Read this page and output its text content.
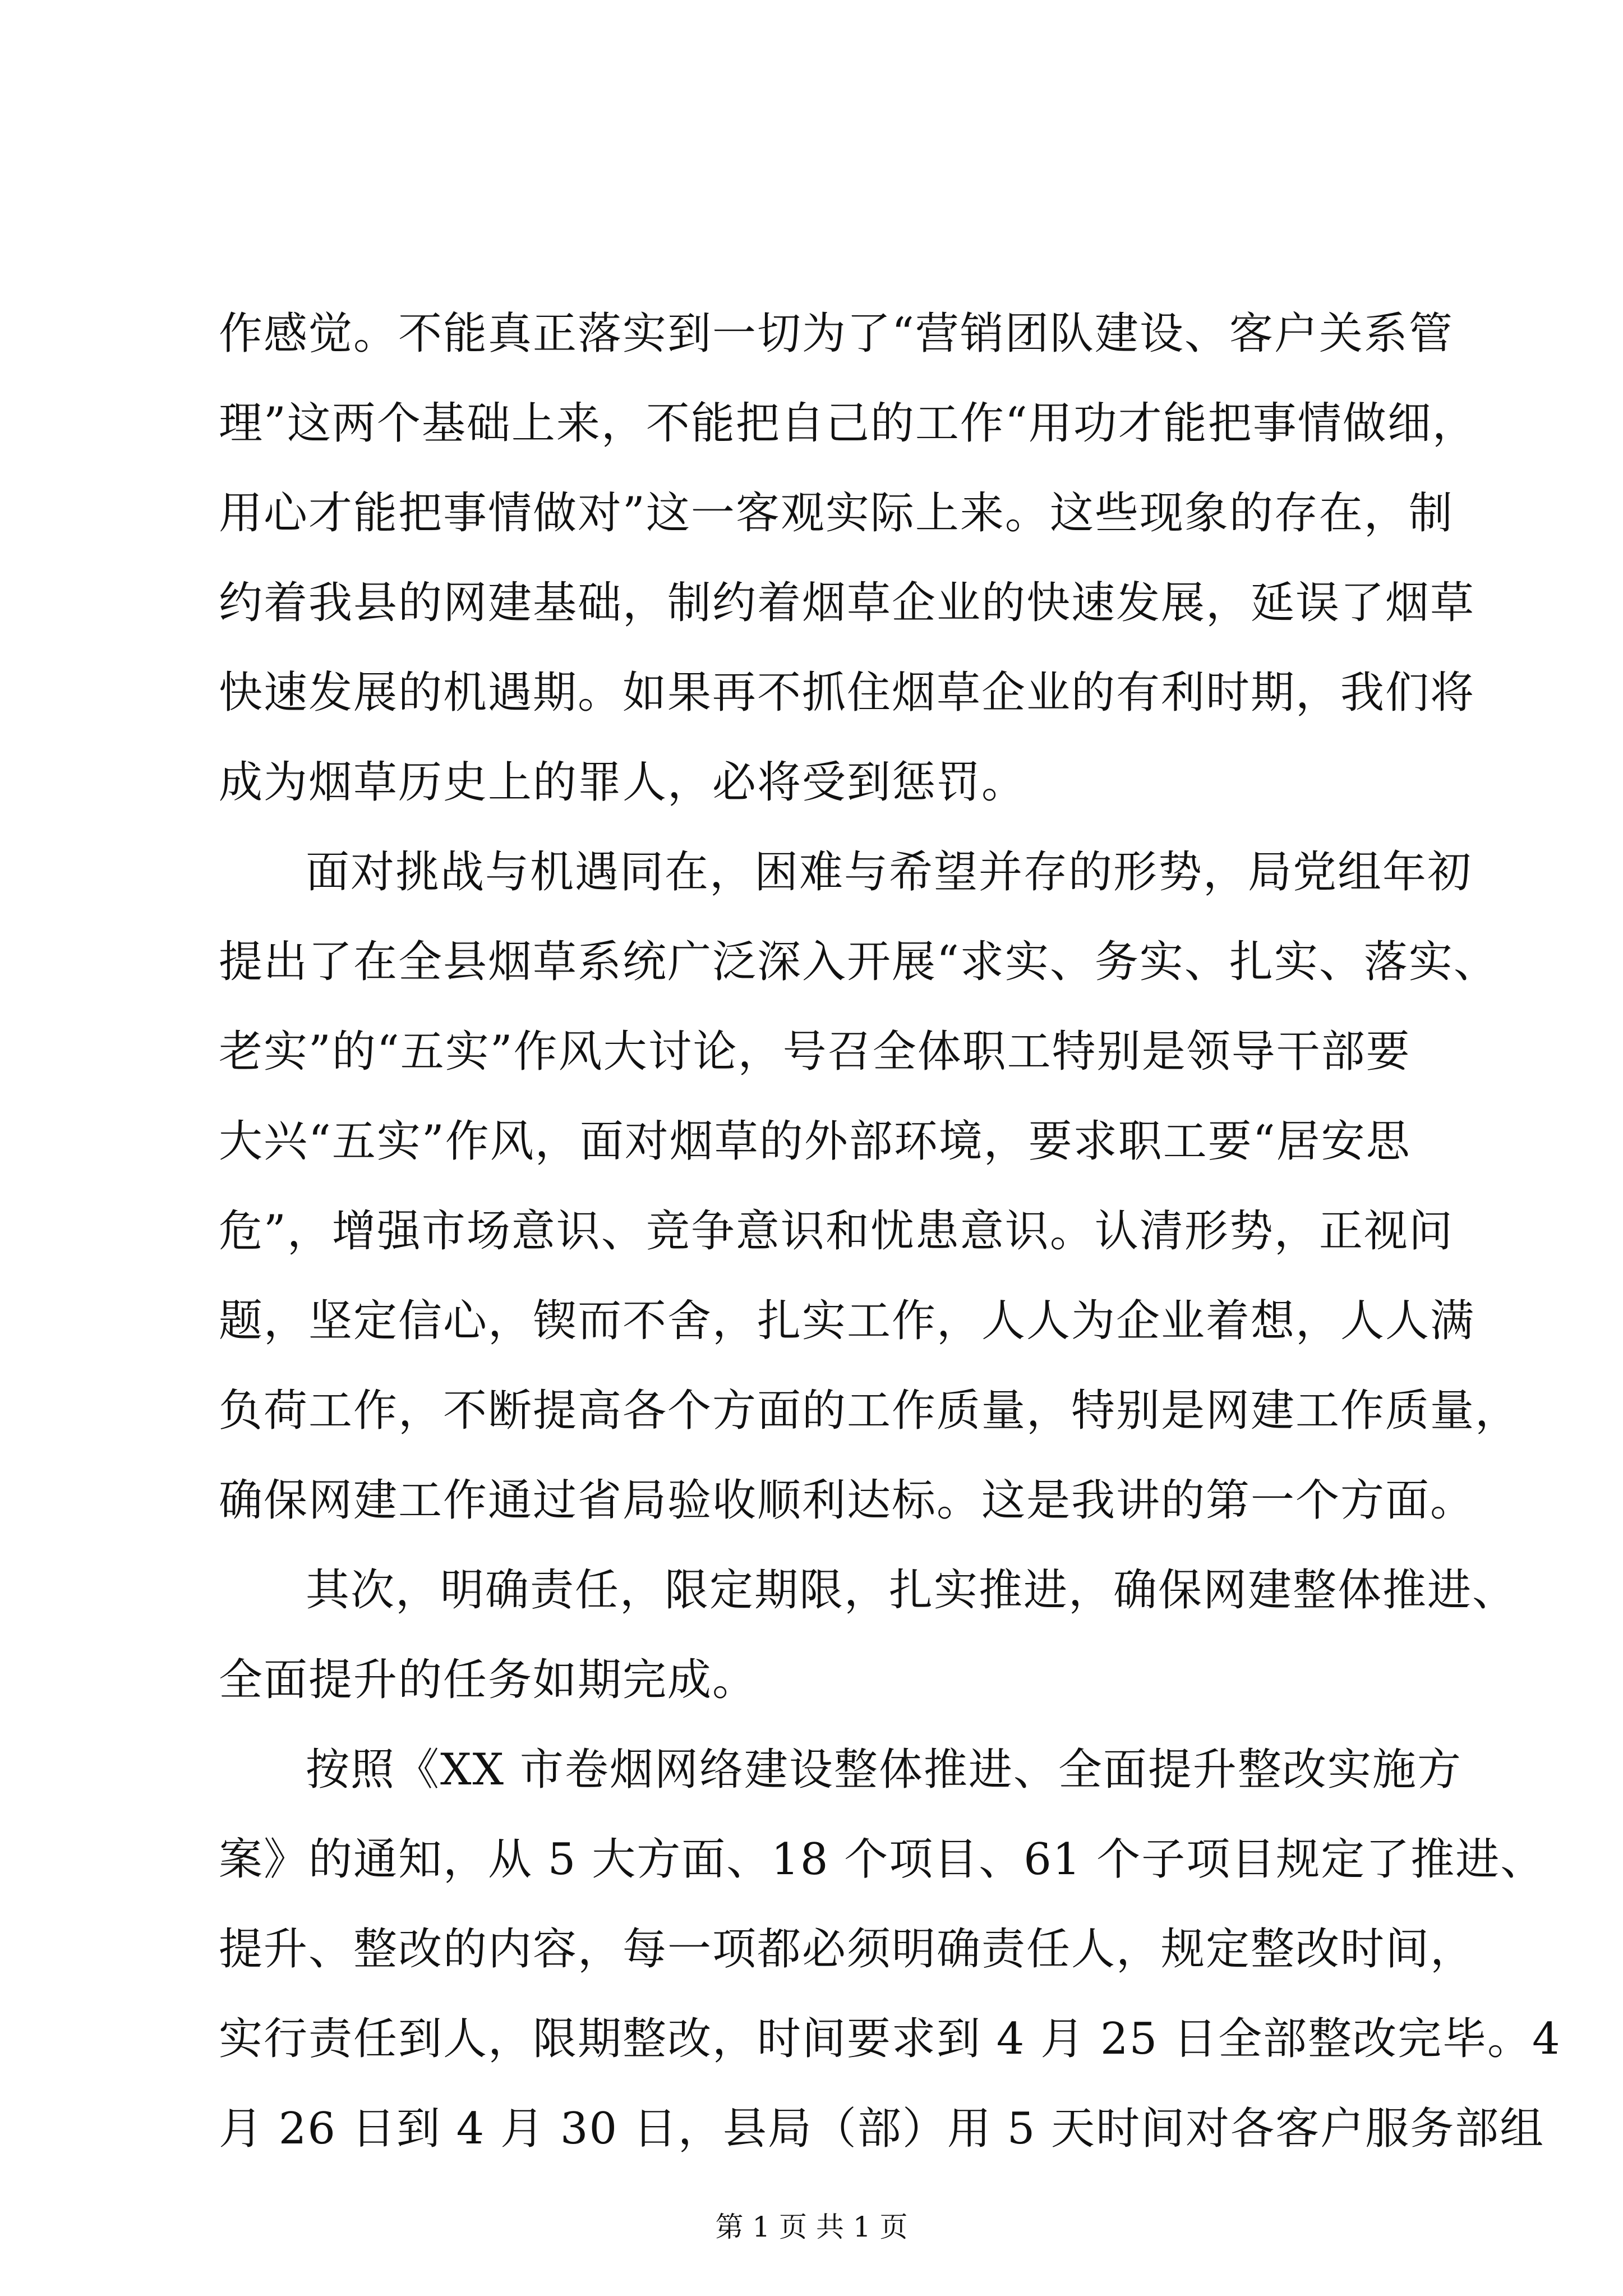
作感觉。不能真正落实到一切为了“营销团队建设、客户关系管
理”这两个基础上来，不能把自己的工作“用功才能把事情做细，
用心才能把事情做对”这一客观实际上来。这些现象的存在，制
约着我县的网建基础，制约着烟草企业的快速发展，延误了烟草
快速发展的机遇期。如果再不抓住烟草企业的有利时期，我们将
成为烟草历史上的罪人，必将受到惩罚。
面对挑战与机遇同在，困难与希望并存的形势，局党组年初
提出了在全县烟草系统广泛深入开展“求实、务实、扎实、落实、
老实”的“五实”作风大讨论，号召全体职工特别是领导干部要
大兴“五实”作风，面对烟草的外部环境，要求职工要“居安思
危”，增强市场意识、竞争意识和忧患意识。认清形势，正视问
题，坚定信心，锲而不舍，扎实工作，人人为企业着想，人人满
负荷工作，不断提高各个方面的工作质量，特别是网建工作质量，
确保网建工作通过省局验收顺利达标。这是我讲的第一个方面。
其次，明确责任，限定期限，扎实推进，确保网建整体推进、
全面提升的任务如期完成。
按照《XX 市卷烟网络建设整体推进、全面提升整改实施方
案》的通知，从 5 大方面、18 个项目、61 个子项目规定了推进、
提升、整改的内容，每一项都必须明确责任人，规定整改时间，
实行责任到人，限期整改，时间要求到 4 月 25 日全部整改完毕。4
月 26 日到 4 月 30 日，县局（部）用 5 天时间对各客户服务部组
第 1 页 共 1 页
